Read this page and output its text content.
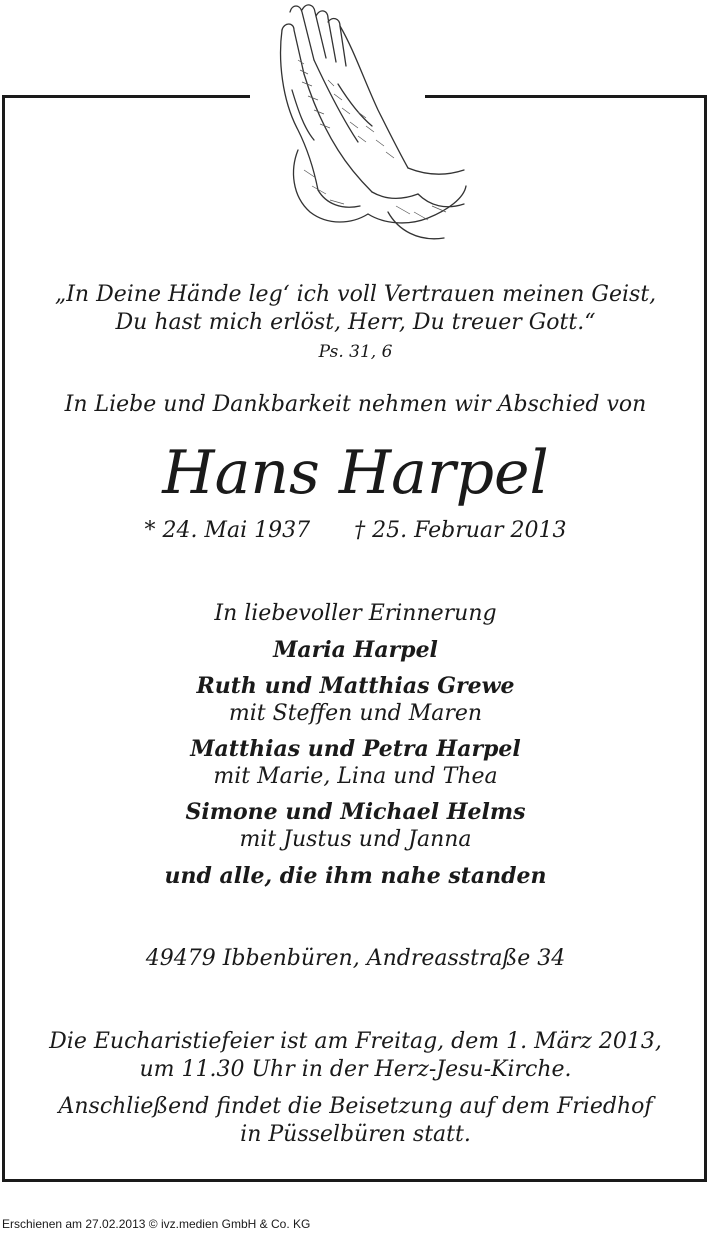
„In Deine Hände leg‘ ich voll Vertrauen meinen Geist,
Du hast mich erlöst, Herr, Du treuer Gott.“
Ps. 31, 6
In Liebe und Dankbarkeit nehmen wir Abschied von
Hans Harpel
* 24. Mai 1937 † 25. Februar 2013
In liebevoller Erinnerung
Maria Harpel
Ruth und Matthias Grewe
mit Steffen und Maren
Matthias und Petra Harpel
mit Marie, Lina und Thea
Simone und Michael Helms
mit Justus und Janna
und alle, die ihm nahe standen
49479 Ibbenbüren, Andreasstraße 34
Die Eucharistiefeier ist am Freitag, dem 1. März 2013,
um 11.30 Uhr in der Herz-Jesu-Kirche.
Anschließend findet die Beisetzung auf dem Friedhof
in Püsselbüren statt.
Erschienen am 27.02.2013 © ivz.medien GmbH & Co. KG
